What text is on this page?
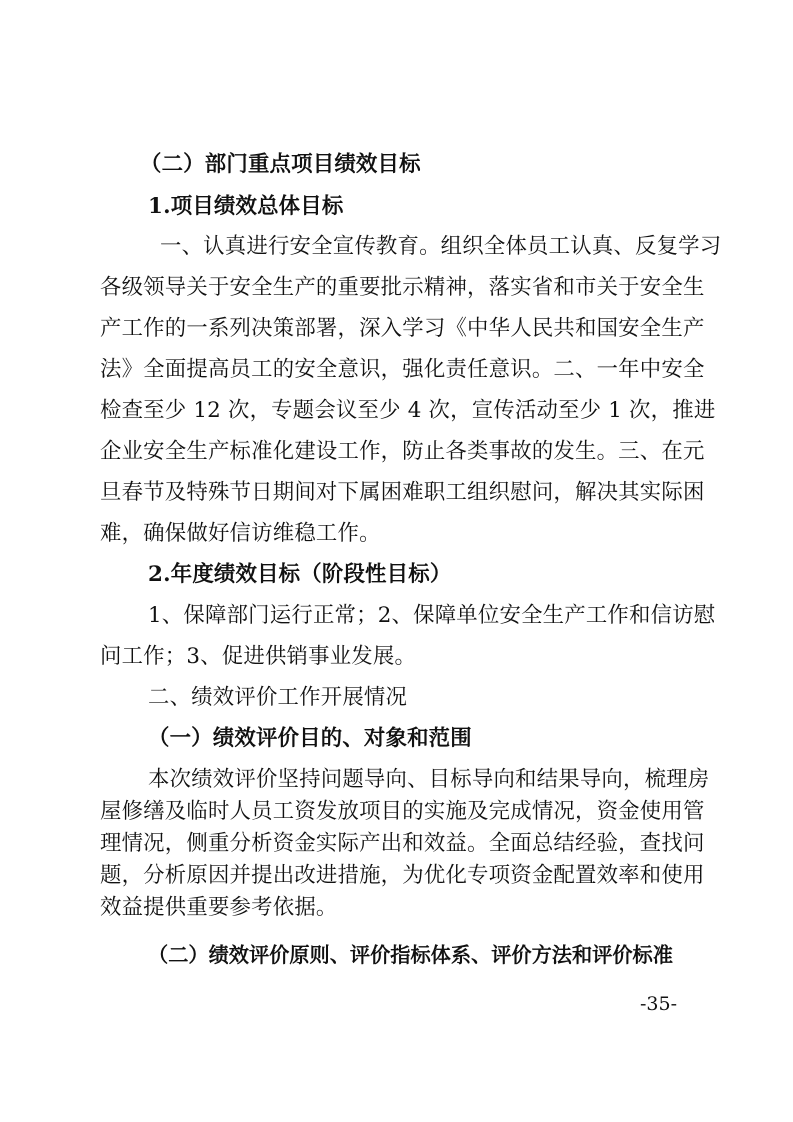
（二）部门重点项目绩效目标
1.项目绩效总体目标
一、认真进行安全宣传教育。组织全体员工认真、反复学习
各级领导关于安全生产的重要批示精神，落实省和市关于安全生
产工作的一系列决策部署，深入学习《中华人民共和国安全生产
法》全面提高员工的安全意识，强化责任意识。二、一年中安全
检查至少 12 次，专题会议至少 4 次，宣传活动至少 1 次，推进
企业安全生产标准化建设工作，防止各类事故的发生。三、在元
旦春节及特殊节日期间对下属困难职工组织慰问，解决其实际困
难，确保做好信访维稳工作。
2.年度绩效目标（阶段性目标）
1、保障部门运行正常；2、保障单位安全生产工作和信访慰
问工作；3、促进供销事业发展。
二、绩效评价工作开展情况
（一）绩效评价目的、对象和范围
本次绩效评价坚持问题导向、目标导向和结果导向，梳理房
屋修缮及临时人员工资发放项目的实施及完成情况，资金使用管
理情况，侧重分析资金实际产出和效益。全面总结经验，查找问
题，分析原因并提出改进措施，为优化专项资金配置效率和使用
效益提供重要参考依据。
（二）绩效评价原则、评价指标体系、评价方法和评价标准
-35-
